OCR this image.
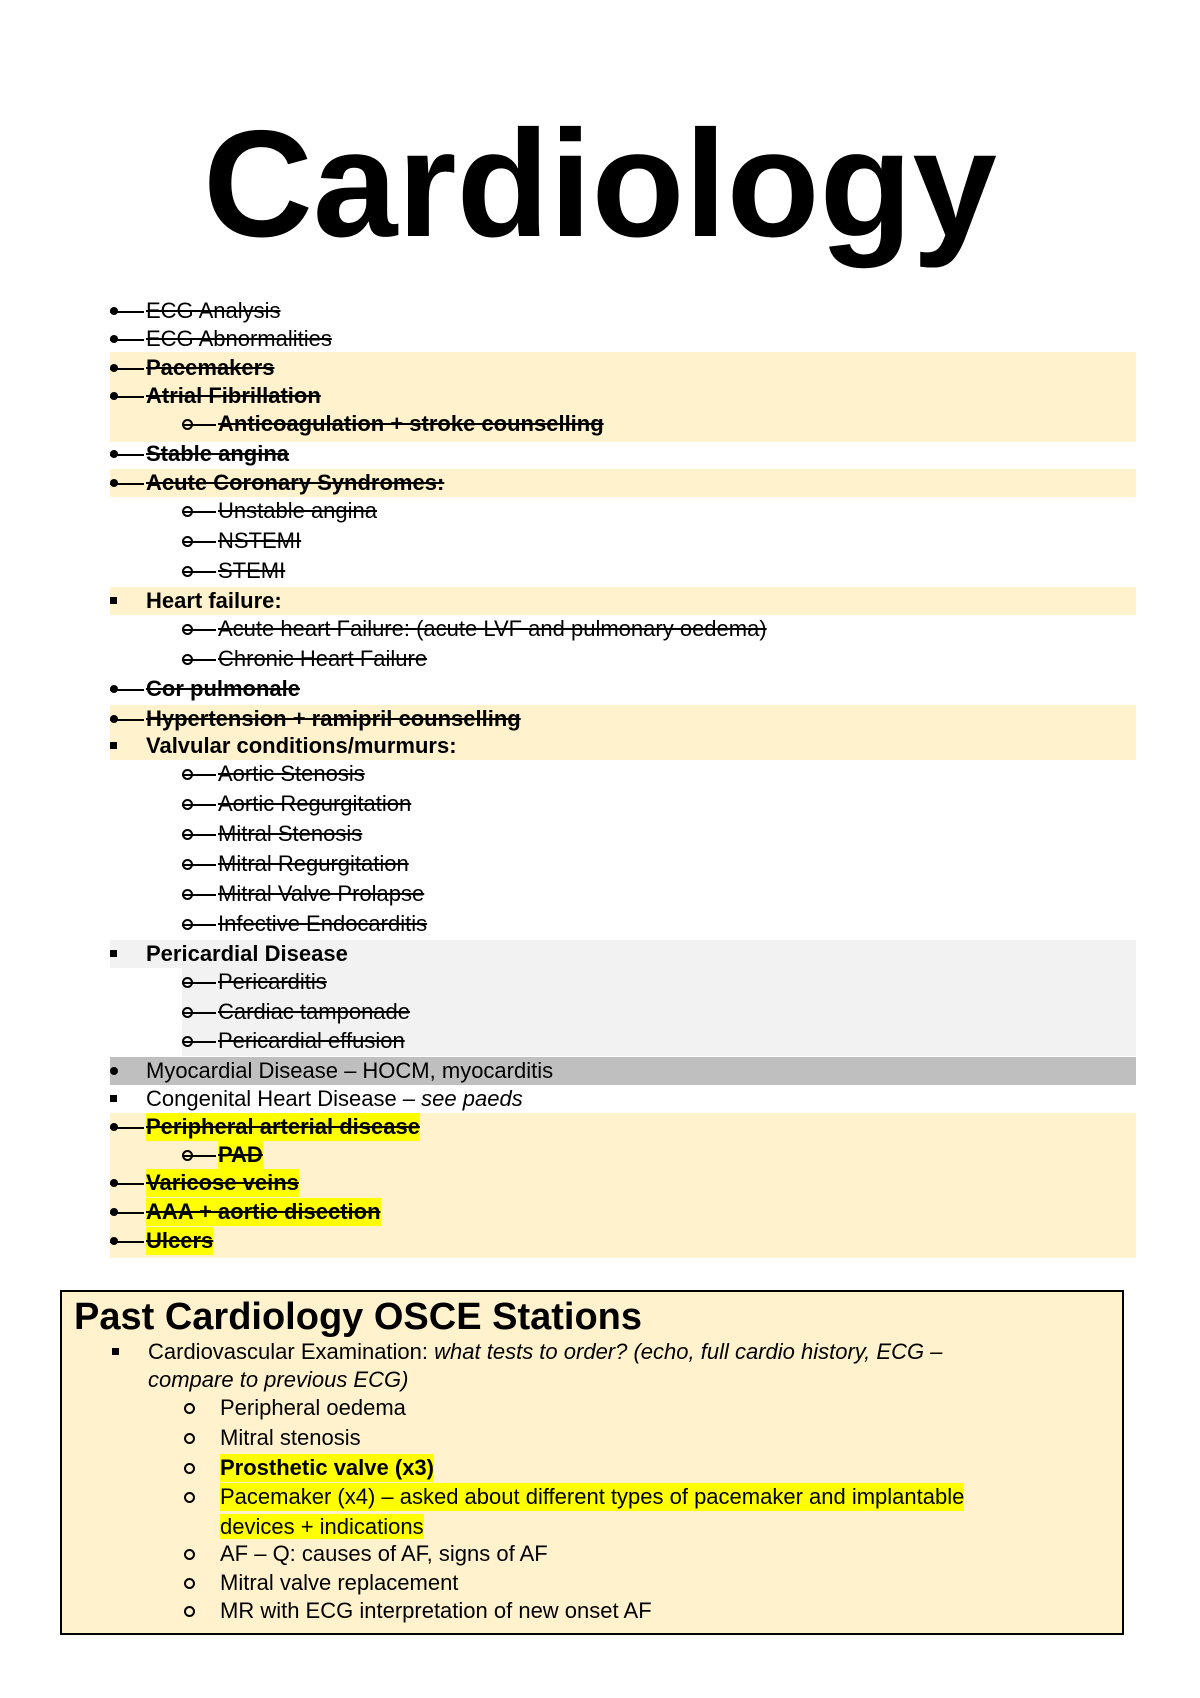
Cardiology
ECG Analysis
ECG Abnormalities
Pacemakers
Atrial Fibrillation
Anticoagulation + stroke counselling
Stable angina
Acute Coronary Syndromes:
Unstable angina
NSTEMI
STEMI
Heart failure:
Acute heart Failure: (acute LVF and pulmonary oedema)
Chronic Heart Failure
Cor pulmonale
Hypertension + ramipril counselling
Valvular conditions/murmurs:
Aortic Stenosis
Aortic Regurgitation
Mitral Stenosis
Mitral Regurgitation
Mitral Valve Prolapse
Infective Endocarditis
Pericardial Disease
Pericarditis
Cardiac tamponade
Pericardial effusion
Myocardial Disease – HOCM, myocarditis
Congenital Heart Disease – see paeds
Peripheral arterial disease
PAD
Varicose veins
AAA + aortic disection
Ulcers
Past Cardiology OSCE Stations
Cardiovascular Examination: what tests to order? (echo, full cardio history, ECG –
compare to previous ECG)
Peripheral oedema
Mitral stenosis
Prosthetic valve (x3)
Pacemaker (x4) – asked about different types of pacemaker and implantable
devices + indications
AF – Q: causes of AF, signs of AF
Mitral valve replacement
MR with ECG interpretation of new onset AF
